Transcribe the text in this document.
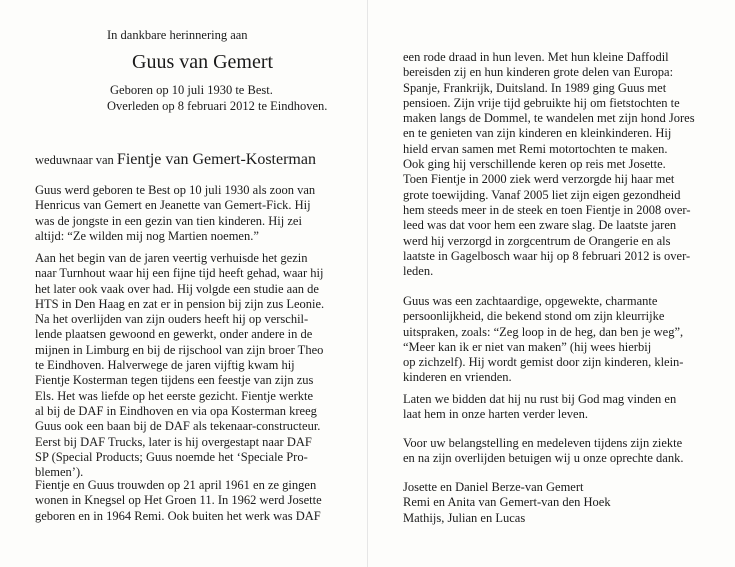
In dankbare herinnering aan

Guus van Gemert

Geboren op 10 juli 1930 te Best.

Overleden op 8 februari 2012 te Eindhoven.

weduwnaar van Fientje van Gemert-Kosterman

Guus werd geboren te Best op 10 juli 1930 als zoon van
Henricus van Gemert en Jeanette van Gemert-Fick. Hij
was de jongste in een gezin van tien kinderen. Hij zei
altijd: “Ze wilden mij nog Martien noemen.”
Aan het begin van de jaren veertig verhuisde het gezin
naar Turnhout waar hij een fijne tijd heeft gehad, waar hij
het later ook vaak over had. Hij volgde een studie aan de
HTS in Den Haag en zat er in pension bij zijn zus Leonie.
Na het overlijden van zijn ouders heeft hij op verschil-
lende plaatsen gewoond en gewerkt, onder andere in de
mijnen in Limburg en bij de rijschool van zijn broer Theo
te Eindhoven. Halverwege de jaren vijftig kwam hij
Fientje Kosterman tegen tijdens een feestje van zijn zus
Els. Het was liefde op het eerste gezicht. Fientje werkte
al bij de DAF in Eindhoven en via opa Kosterman kreeg
Guus ook een baan bij de DAF als tekenaar-constructeur.
Eerst bij DAF Trucks, later is hij overgestapt naar DAF
SP (Special Products; Guus noemde het ‘Speciale Pro-
blemen’).
Fientje en Guus trouwden op 21 april 1961 en ze gingen
wonen in Knegsel op Het Groen 11. In 1962 werd Josette
geboren en in 1964 Remi. Ook buiten het werk was DAF
een rode draad in hun leven. Met hun kleine Daffodil
bereisden zij en hun kinderen grote delen van Europa:
Spanje, Frankrijk, Duitsland. In 1989 ging Guus met
pensioen. Zijn vrije tijd gebruikte hij om fietstochten te
maken langs de Dommel, te wandelen met zijn hond Jores
en te genieten van zijn kinderen en kleinkinderen. Hij
hield ervan samen met Remi motortochten te maken.
Ook ging hij verschillende keren op reis met Josette.
Toen Fientje in 2000 ziek werd verzorgde hij haar met
grote toewijding. Vanaf 2005 liet zijn eigen gezondheid
hem steeds meer in de steek en toen Fientje in 2008 over-
leed was dat voor hem een zware slag. De laatste jaren
werd hij verzorgd in zorgcentrum de Orangerie en als
laatste in Gagelbosch waar hij op 8 februari 2012 is over-
leden.
Guus was een zachtaardige, opgewekte, charmante
persoonlijkheid, die bekend stond om zijn kleurrijke
uitspraken, zoals: “Zeg loop in de heg, dan ben je weg”,
“Meer kan ik er niet van maken” (hij wees hierbij
op zichzelf). Hij wordt gemist door zijn kinderen, klein-
kinderen en vrienden.
Laten we bidden dat hij nu rust bij God mag vinden en
laat hem in onze harten verder leven.
Voor uw belangstelling en medeleven tijdens zijn ziekte
en na zijn overlijden betuigen wij u onze oprechte dank.
Josette en Daniel Berze-van Gemert
Remi en Anita van Gemert-van den Hoek
Mathijs, Julian en Lucas
